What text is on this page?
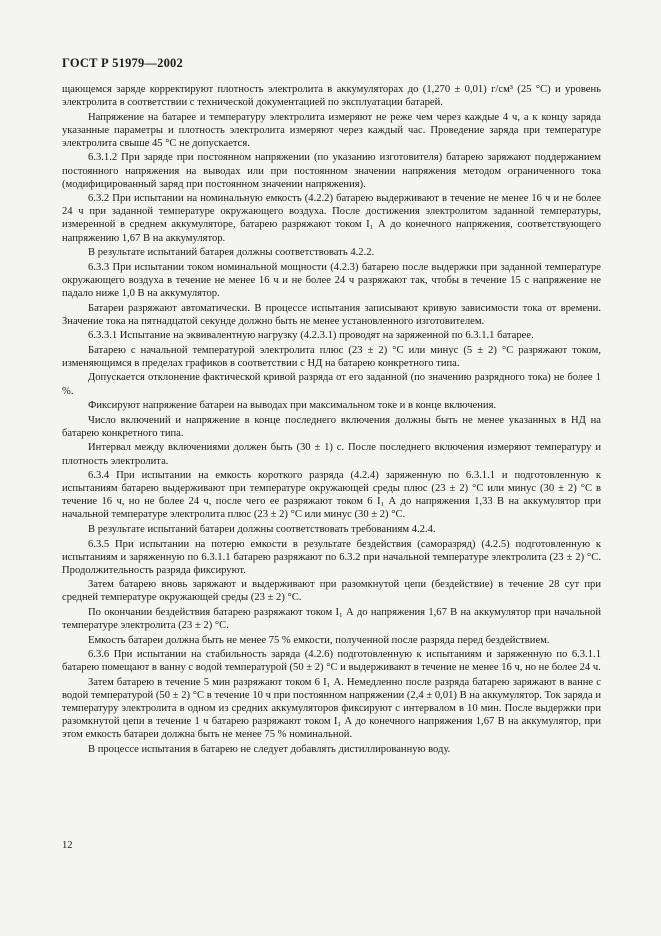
ГОСТ Р 51979—2002

щающемся заряде корректируют плотность электролита в аккумуляторах до (1,270 ± 0,01) г/см³ (25 °С) и уровень электролита в соответствии с технической документацией по эксплуатации батарей.

Напряжение на батарее и температуру электролита измеряют не реже чем через каждые 4 ч, а к концу заряда указанные параметры и плотность электролита измеряют через каждый час. Проведение заряда при температуре электролита свыше 45 °С не допускается.

6.3.1.2 При заряде при постоянном напряжении (по указанию изготовителя) батарею заряжают поддержанием постоянного напряжения на выводах или при постоянном значении напряжения методом ограниченного тока (модифицированный заряд при постоянном значении напряжения).

6.3.2 При испытании на номинальную емкость (4.2.2) батарею выдерживают в течение не менее 16 ч и не более 24 ч при заданной температуре окружающего воздуха. После достижения электролитом заданной температуры, измеренной в среднем аккумуляторе, батарею разряжают током I₁ А до конечного напряжения, соответствующего напряжению 1,67 В на аккумулятор.

В результате испытаний батарея должны соответствовать 4.2.2.

6.3.3 При испытании током номинальной мощности (4.2.3) батарею после выдержки при заданной температуре окружающего воздуха в течение не менее 16 ч и не более 24 ч разряжают так, чтобы в течение 15 с напряжение не падало ниже 1,0 В на аккумулятор.

Батареи разряжают автоматически. В процессе испытания записывают кривую зависимости тока от времени. Значение тока на пятнадцатой секунде должно быть не менее установленного изготовителем.

6.3.3.1 Испытание на эквивалентную нагрузку (4.2.3.1) проводят на заряженной по 6.3.1.1 батарее.

Батарею с начальной температурой электролита плюс (23 ± 2) °С или минус (5 ± 2) °С разряжают током, изменяющимся в пределах графиков в соответствии с НД на батарею конкретного типа.

Допускается отклонение фактической кривой разряда от его заданной (по значению разрядного тока) не более 1 %.

Фиксируют напряжение батареи на выводах при максимальном токе и в конце включения.

Число включений и напряжение в конце последнего включения должны быть не менее указанных в НД на батарею конкретного типа.

Интервал между включениями должен быть (30 ± 1) с. После последнего включения измеряют температуру и плотность электролита.

6.3.4 При испытании на емкость короткого разряда (4.2.4) заряженную по 6.3.1.1 и подготовленную к испытаниям батарею выдерживают при температуре окружающей среды плюс (23 ± 2) °С или минус (30 ± 2) °С в течение 16 ч, но не более 24 ч, после чего ее разряжают током 6 I₁ А до напряжения 1,33 В на аккумулятор при начальной температуре электролита плюс (23 ± 2) °С или минус (30 ± 2) °С.

В результате испытаний батареи должны соответствовать требованиям 4.2.4.

6.3.5 При испытании на потерю емкости в результате бездействия (саморазряд) (4.2.5) подготовленную к испытаниям и заряженную по 6.3.1.1 батарею разряжают по 6.3.2 при начальной температуре электролита (23 ± 2) °С. Продолжительность разряда фиксируют.

Затем батарею вновь заряжают и выдерживают при разомкнутой цепи (бездействие) в течение 28 сут при средней температуре окружающей среды (23 ± 2) °С.

По окончании бездействия батарею разряжают током I₁ А до напряжения 1,67 В на аккумулятор при начальной температуре электролита (23 ± 2) °С.

Емкость батареи должна быть не менее 75 % емкости, полученной после разряда перед бездействием.

6.3.6 При испытании на стабильность заряда (4.2.6) подготовленную к испытаниям и заряженную по 6.3.1.1 батарею помещают в ванну с водой температурой (50 ± 2) °С и выдерживают в течение не менее 16 ч, но не более 24 ч.

Затем батарею в течение 5 мин разряжают током 6 I₁ А. Немедленно после разряда батарею заряжают в ванне с водой температурой (50 ± 2) °С в течение 10 ч при постоянном напряжении (2,4 ± 0,01) В на аккумулятор. Ток заряда и температуру электролита в одном из средних аккумуляторов фиксируют с интервалом в 10 мин. После выдержки при разомкнутой цепи в течение 1 ч батарею разряжают током I₁ А до конечного напряжения 1,67 В на аккумулятор, при этом емкость батареи должна быть не менее 75 % номинальной.

В процессе испытания в батарею не следует добавлять дистиллированную воду.

12
